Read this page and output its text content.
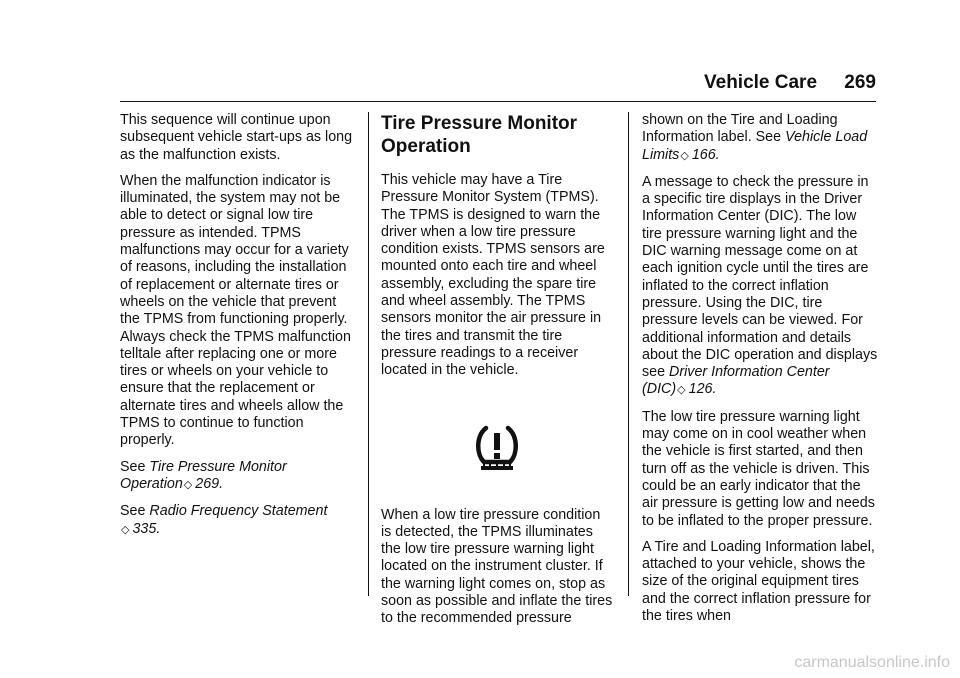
Vehicle Care 269

This sequence will continue upon subsequent vehicle start-ups as long as the malfunction exists.

When the malfunction indicator is illuminated, the system may not be able to detect or signal low tire pressure as intended. TPMS malfunctions may occur for a variety of reasons, including the installation of replacement or alternate tires or wheels on the vehicle that prevent the TPMS from functioning properly. Always check the TPMS malfunction telltale after replacing one or more tires or wheels on your vehicle to ensure that the replacement or alternate tires and wheels allow the TPMS to continue to function properly.

See Tire Pressure Monitor Operation◇ 269.

See Radio Frequency Statement
◇ 335.

Tire Pressure Monitor Operation

This vehicle may have a Tire Pressure Monitor System (TPMS). The TPMS is designed to warn the driver when a low tire pressure condition exists. TPMS sensors are mounted onto each tire and wheel assembly, excluding the spare tire and wheel assembly. The TPMS sensors monitor the air pressure in the tires and transmit the tire pressure readings to a receiver located in the vehicle.

When a low tire pressure condition is detected, the TPMS illuminates the low tire pressure warning light located on the instrument cluster. If the warning light comes on, stop as soon as possible and inflate the tires to the recommended pressure

shown on the Tire and Loading Information label. See Vehicle Load Limits◇ 166.

A message to check the pressure in a specific tire displays in the Driver Information Center (DIC). The low tire pressure warning light and the DIC warning message come on at each ignition cycle until the tires are inflated to the correct inflation pressure. Using the DIC, tire pressure levels can be viewed. For additional information and details about the DIC operation and displays see Driver Information Center (DIC)◇ 126.

The low tire pressure warning light may come on in cool weather when the vehicle is first started, and then turn off as the vehicle is driven. This could be an early indicator that the air pressure is getting low and needs to be inflated to the proper pressure.

A Tire and Loading Information label, attached to your vehicle, shows the size of the original equipment tires and the correct inflation pressure for the tires when

carmanualsonline.info
